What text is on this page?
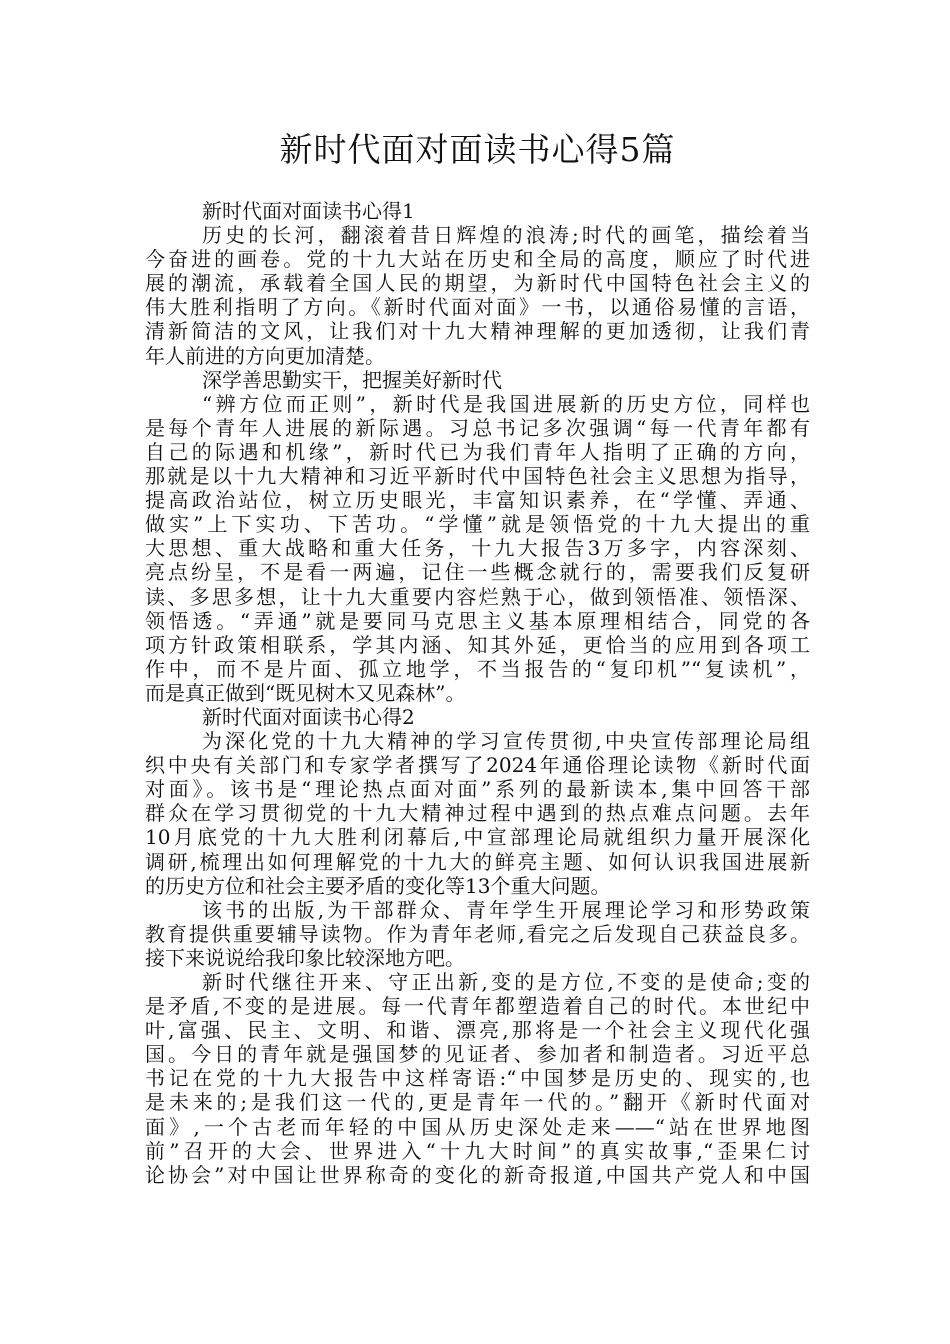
新时代面对面读书心得5篇
新时代面对面读书心得1
历史的长河，翻滚着昔日辉煌的浪涛;时代的画笔，描绘着当
今奋进的画卷。党的十九大站在历史和全局的高度，顺应了时代进
展的潮流，承载着全国人民的期望，为新时代中国特色社会主义的
伟大胜利指明了方向。《新时代面对面》一书，以通俗易懂的言语，
清新简洁的文风，让我们对十九大精神理解的更加透彻，让我们青
年人前进的方向更加清楚。
深学善思勤实干，把握美好新时代
“辨方位而正则”，新时代是我国进展新的历史方位，同样也
是每个青年人进展的新际遇。习总书记多次强调“每一代青年都有
自己的际遇和机缘”，新时代已为我们青年人指明了正确的方向，
那就是以十九大精神和习近平新时代中国特色社会主义思想为指导，
提高政治站位，树立历史眼光，丰富知识素养，在“学懂、弄通、
做实”上下实功、下苦功。“学懂”就是领悟党的十九大提出的重
大思想、重大战略和重大任务，十九大报告3万多字，内容深刻、
亮点纷呈，不是看一两遍，记住一些概念就行的，需要我们反复研
读、多思多想，让十九大重要内容烂熟于心，做到领悟准、领悟深、
领悟透。“弄通”就是要同马克思主义基本原理相结合，同党的各
项方针政策相联系，学其内涵、知其外延，更恰当的应用到各项工
作中，而不是片面、孤立地学，不当报告的“复印机”“复读机”，
而是真正做到“既见树木又见森林”。
新时代面对面读书心得2
为深化党的十九大精神的学习宣传贯彻,中央宣传部理论局组
织中央有关部门和专家学者撰写了2024年通俗理论读物《新时代面
对面》。该书是“理论热点面对面”系列的最新读本,集中回答干部
群众在学习贯彻党的十九大精神过程中遇到的热点难点问题。去年
10月底党的十九大胜利闭幕后,中宣部理论局就组织力量开展深化
调研,梳理出如何理解党的十九大的鲜亮主题、如何认识我国进展新
的历史方位和社会主要矛盾的变化等13个重大问题。
该书的出版,为干部群众、青年学生开展理论学习和形势政策
教育提供重要辅导读物。作为青年老师,看完之后发现自己获益良多。
接下来说说给我印象比较深地方吧。
新时代继往开来、守正出新,变的是方位,不变的是使命;变的
是矛盾,不变的是进展。每一代青年都塑造着自己的时代。本世纪中
叶,富强、民主、文明、和谐、漂亮,那将是一个社会主义现代化强
国。今日的青年就是强国梦的见证者、参加者和制造者。习近平总
书记在党的十九大报告中这样寄语:“中国梦是历史的、现实的,也
是未来的;是我们这一代的,更是青年一代的。”翻开《新时代面对
面》,一个古老而年轻的中国从历史深处走来——“站在世界地图
前”召开的大会、世界进入“十九大时间”的真实故事,“歪果仁讨
论协会”对中国让世界称奇的变化的新奇报道,中国共产党人和中国
